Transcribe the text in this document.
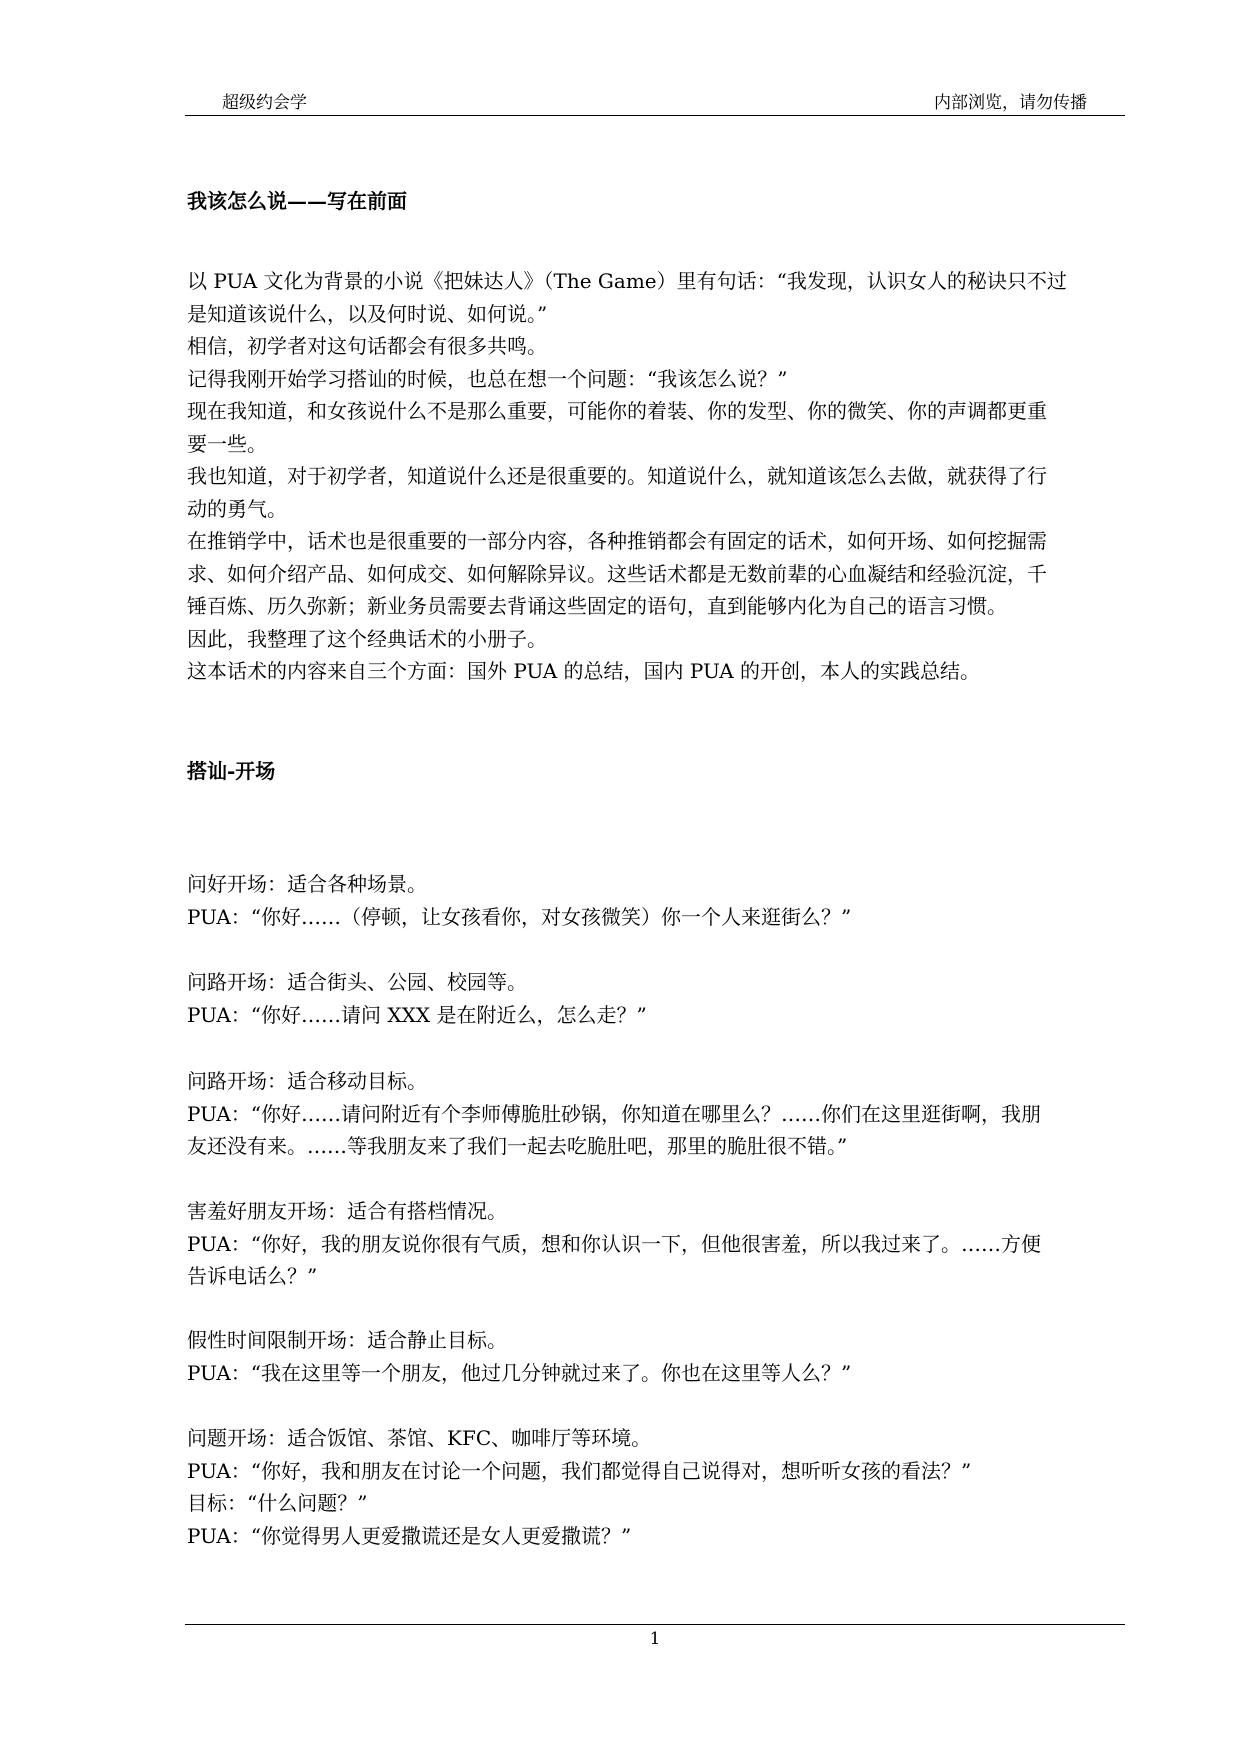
超级约会学	内部浏览，请勿传播
我该怎么说——写在前面
以 PUA 文化为背景的小说《把妹达人》（The Game）里有句话：“我发现，认识女人的秘诀只不过
是知道该说什么，以及何时说、如何说。”
相信，初学者对这句话都会有很多共鸣。
记得我刚开始学习搭讪的时候，也总在想一个问题：“我该怎么说？”
现在我知道，和女孩说什么不是那么重要，可能你的着装、你的发型、你的微笑、你的声调都更重
要一些。
我也知道，对于初学者，知道说什么还是很重要的。知道说什么，就知道该怎么去做，就获得了行
动的勇气。
在推销学中，话术也是很重要的一部分内容，各种推销都会有固定的话术，如何开场、如何挖掘需
求、如何介绍产品、如何成交、如何解除异议。这些话术都是无数前辈的心血凝结和经验沉淀，千
锤百炼、历久弥新；新业务员需要去背诵这些固定的语句，直到能够内化为自己的语言习惯。
因此，我整理了这个经典话术的小册子。
这本话术的内容来自三个方面：国外 PUA 的总结，国内 PUA 的开创，本人的实践总结。
搭讪-开场
问好开场：适合各种场景。
PUA：“你好……（停顿，让女孩看你，对女孩微笑）你一个人来逛街么？”
问路开场：适合街头、公园、校园等。
PUA：“你好……请问 XXX 是在附近么，怎么走？”
问路开场：适合移动目标。
PUA：“你好……请问附近有个李师傅脆肚砂锅，你知道在哪里么？……你们在这里逛街啊，我朋
友还没有来。……等我朋友来了我们一起去吃脆肚吧，那里的脆肚很不错。”
害羞好朋友开场：适合有搭档情况。
PUA：“你好，我的朋友说你很有气质，想和你认识一下，但他很害羞，所以我过来了。……方便
告诉电话么？”
假性时间限制开场：适合静止目标。
PUA：“我在这里等一个朋友，他过几分钟就过来了。你也在这里等人么？”
问题开场：适合饭馆、茶馆、KFC、咖啡厅等环境。
PUA：“你好，我和朋友在讨论一个问题，我们都觉得自己说得对，想听听女孩的看法？”
目标：“什么问题？”
PUA：“你觉得男人更爱撒谎还是女人更爱撒谎？”
1
